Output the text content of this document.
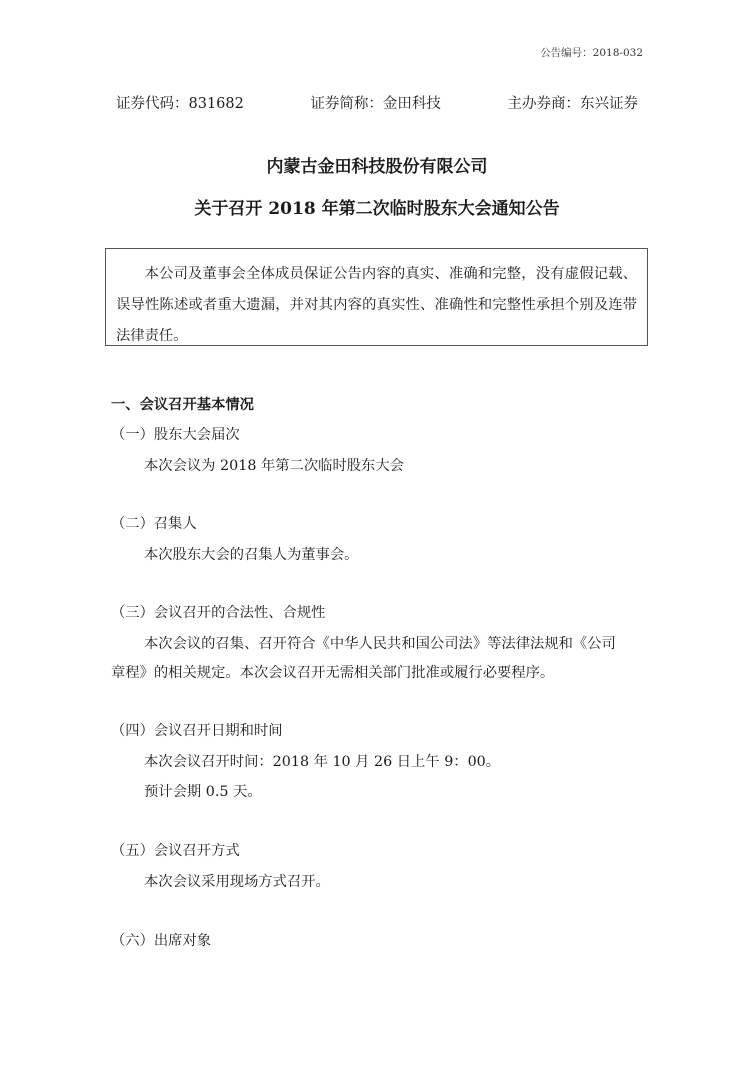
公告编号：2018-032
证券代码：831682	证券简称：金田科技	主办券商：东兴证券
内蒙古金田科技股份有限公司
关于召开 2018 年第二次临时股东大会通知公告
本公司及董事会全体成员保证公告内容的真实、准确和完整，没有虚假记载、误导性陈述或者重大遗漏，并对其内容的真实性、准确性和完整性承担个别及连带法律责任。
一、会议召开基本情况
（一）股东大会届次
本次会议为 2018 年第二次临时股东大会
（二）召集人
本次股东大会的召集人为董事会。
（三）会议召开的合法性、合规性
本次会议的召集、召开符合《中华人民共和国公司法》等法律法规和《公司
章程》的相关规定。本次会议召开无需相关部门批准或履行必要程序。
（四）会议召开日期和时间
本次会议召开时间：2018 年 10 月 26 日上午 9：00。
预计会期 0.5 天。
（五）会议召开方式
本次会议采用现场方式召开。
（六）出席对象
